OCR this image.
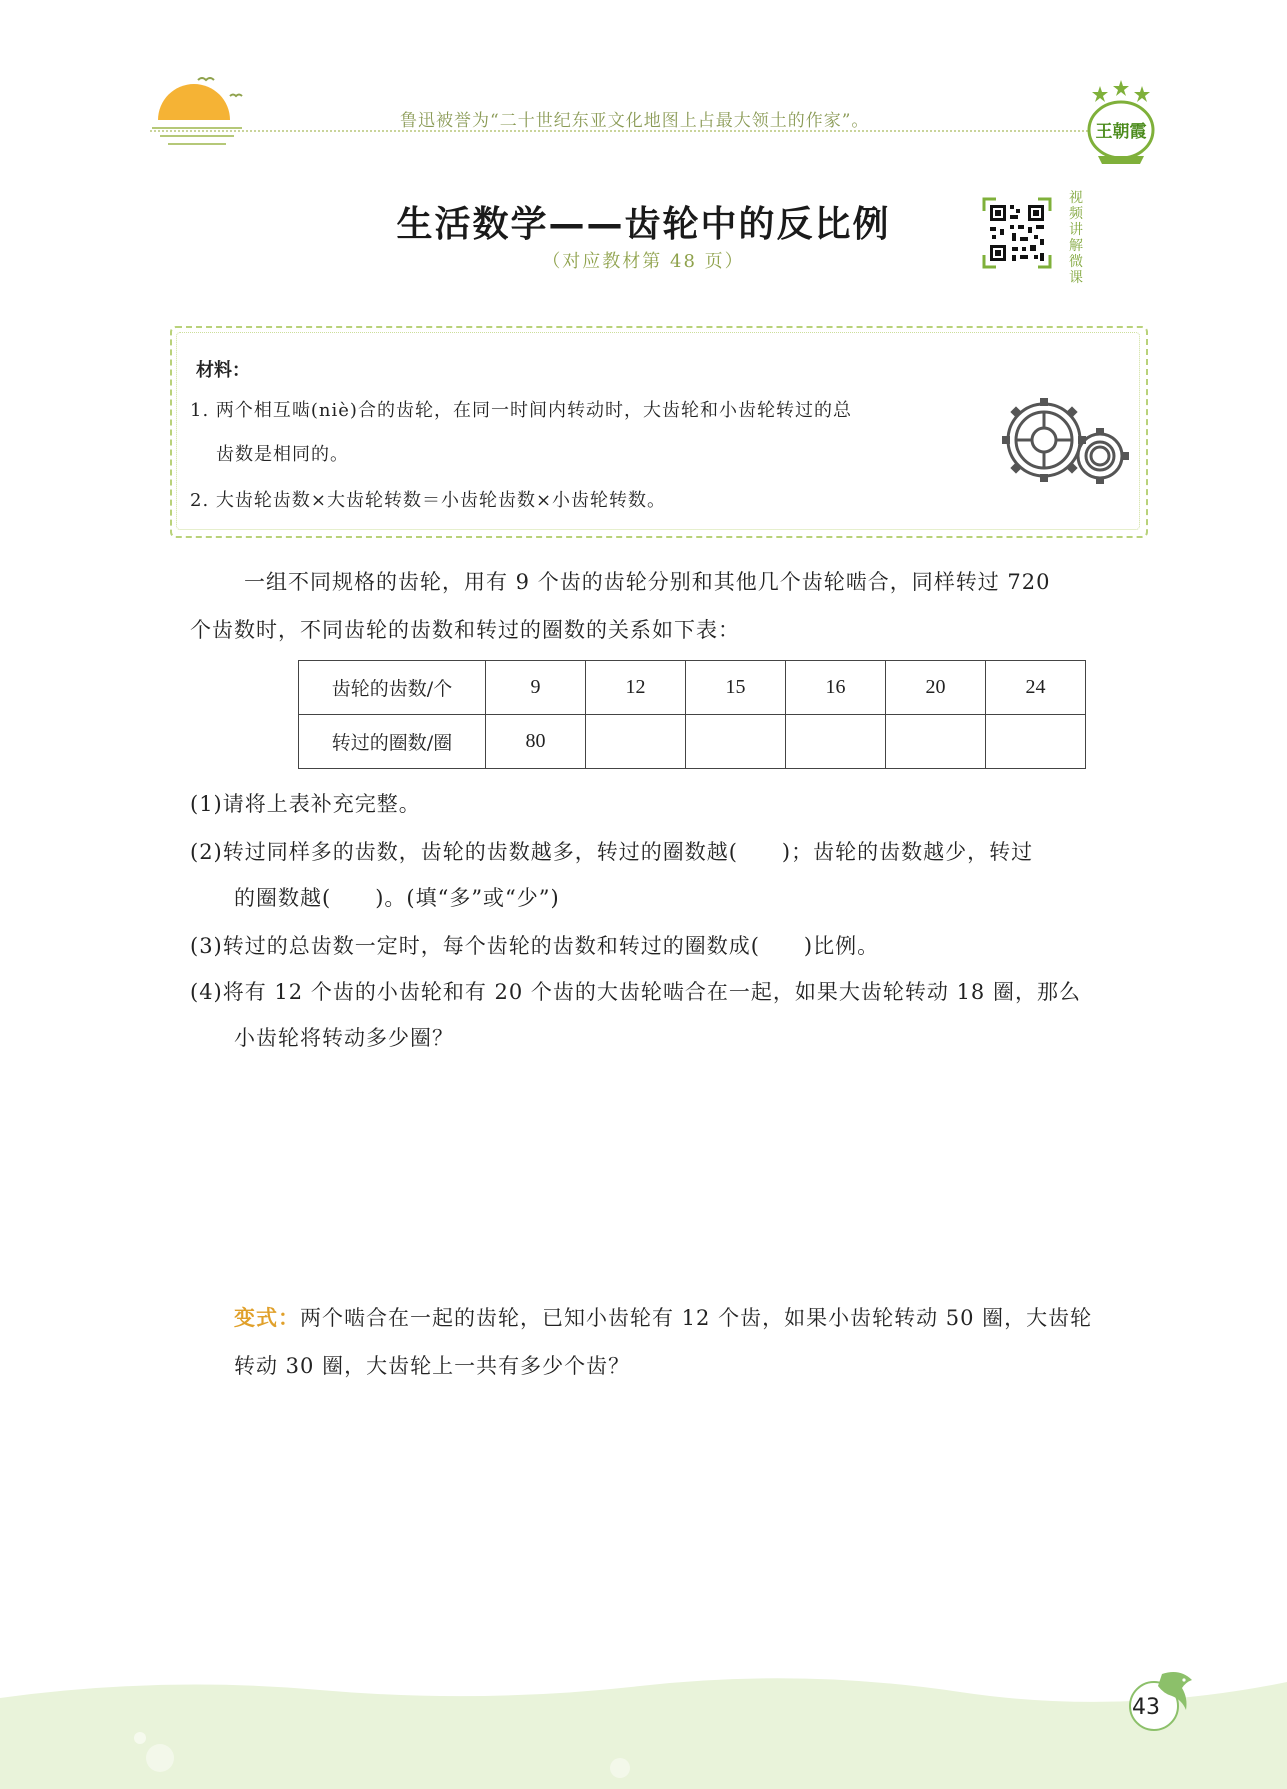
鲁迅被誉为“二十世纪东亚文化地图上占最大领土的作家”。
王朝霞
生活数学——齿轮中的反比例
（对应教材第 48 页）
视频讲解微课
材料：
1. 两个相互啮(niè)合的齿轮，在同一时间内转动时，大齿轮和小齿轮转过的总
齿数是相同的。
2. 大齿轮齿数×大齿轮转数＝小齿轮齿数×小齿轮转数。
一组不同规格的齿轮，用有 9 个齿的齿轮分别和其他几个齿轮啮合，同样转过 720
个齿数时，不同齿轮的齿数和转过的圈数的关系如下表：
齿轮的齿数/个	9	12	15	16	20	24
转过的圈数/圈	80					
(1)请将上表补充完整。
(2)转过同样多的齿数，齿轮的齿数越多，转过的圈数越(　　)；齿轮的齿数越少，转过
的圈数越(　　)。(填“多”或“少”)
(3)转过的总齿数一定时，每个齿轮的齿数和转过的圈数成(　　)比例。
(4)将有 12 个齿的小齿轮和有 20 个齿的大齿轮啮合在一起，如果大齿轮转动 18 圈，那么
小齿轮将转动多少圈？
变式：两个啮合在一起的齿轮，已知小齿轮有 12 个齿，如果小齿轮转动 50 圈，大齿轮
转动 30 圈，大齿轮上一共有多少个齿？
43
